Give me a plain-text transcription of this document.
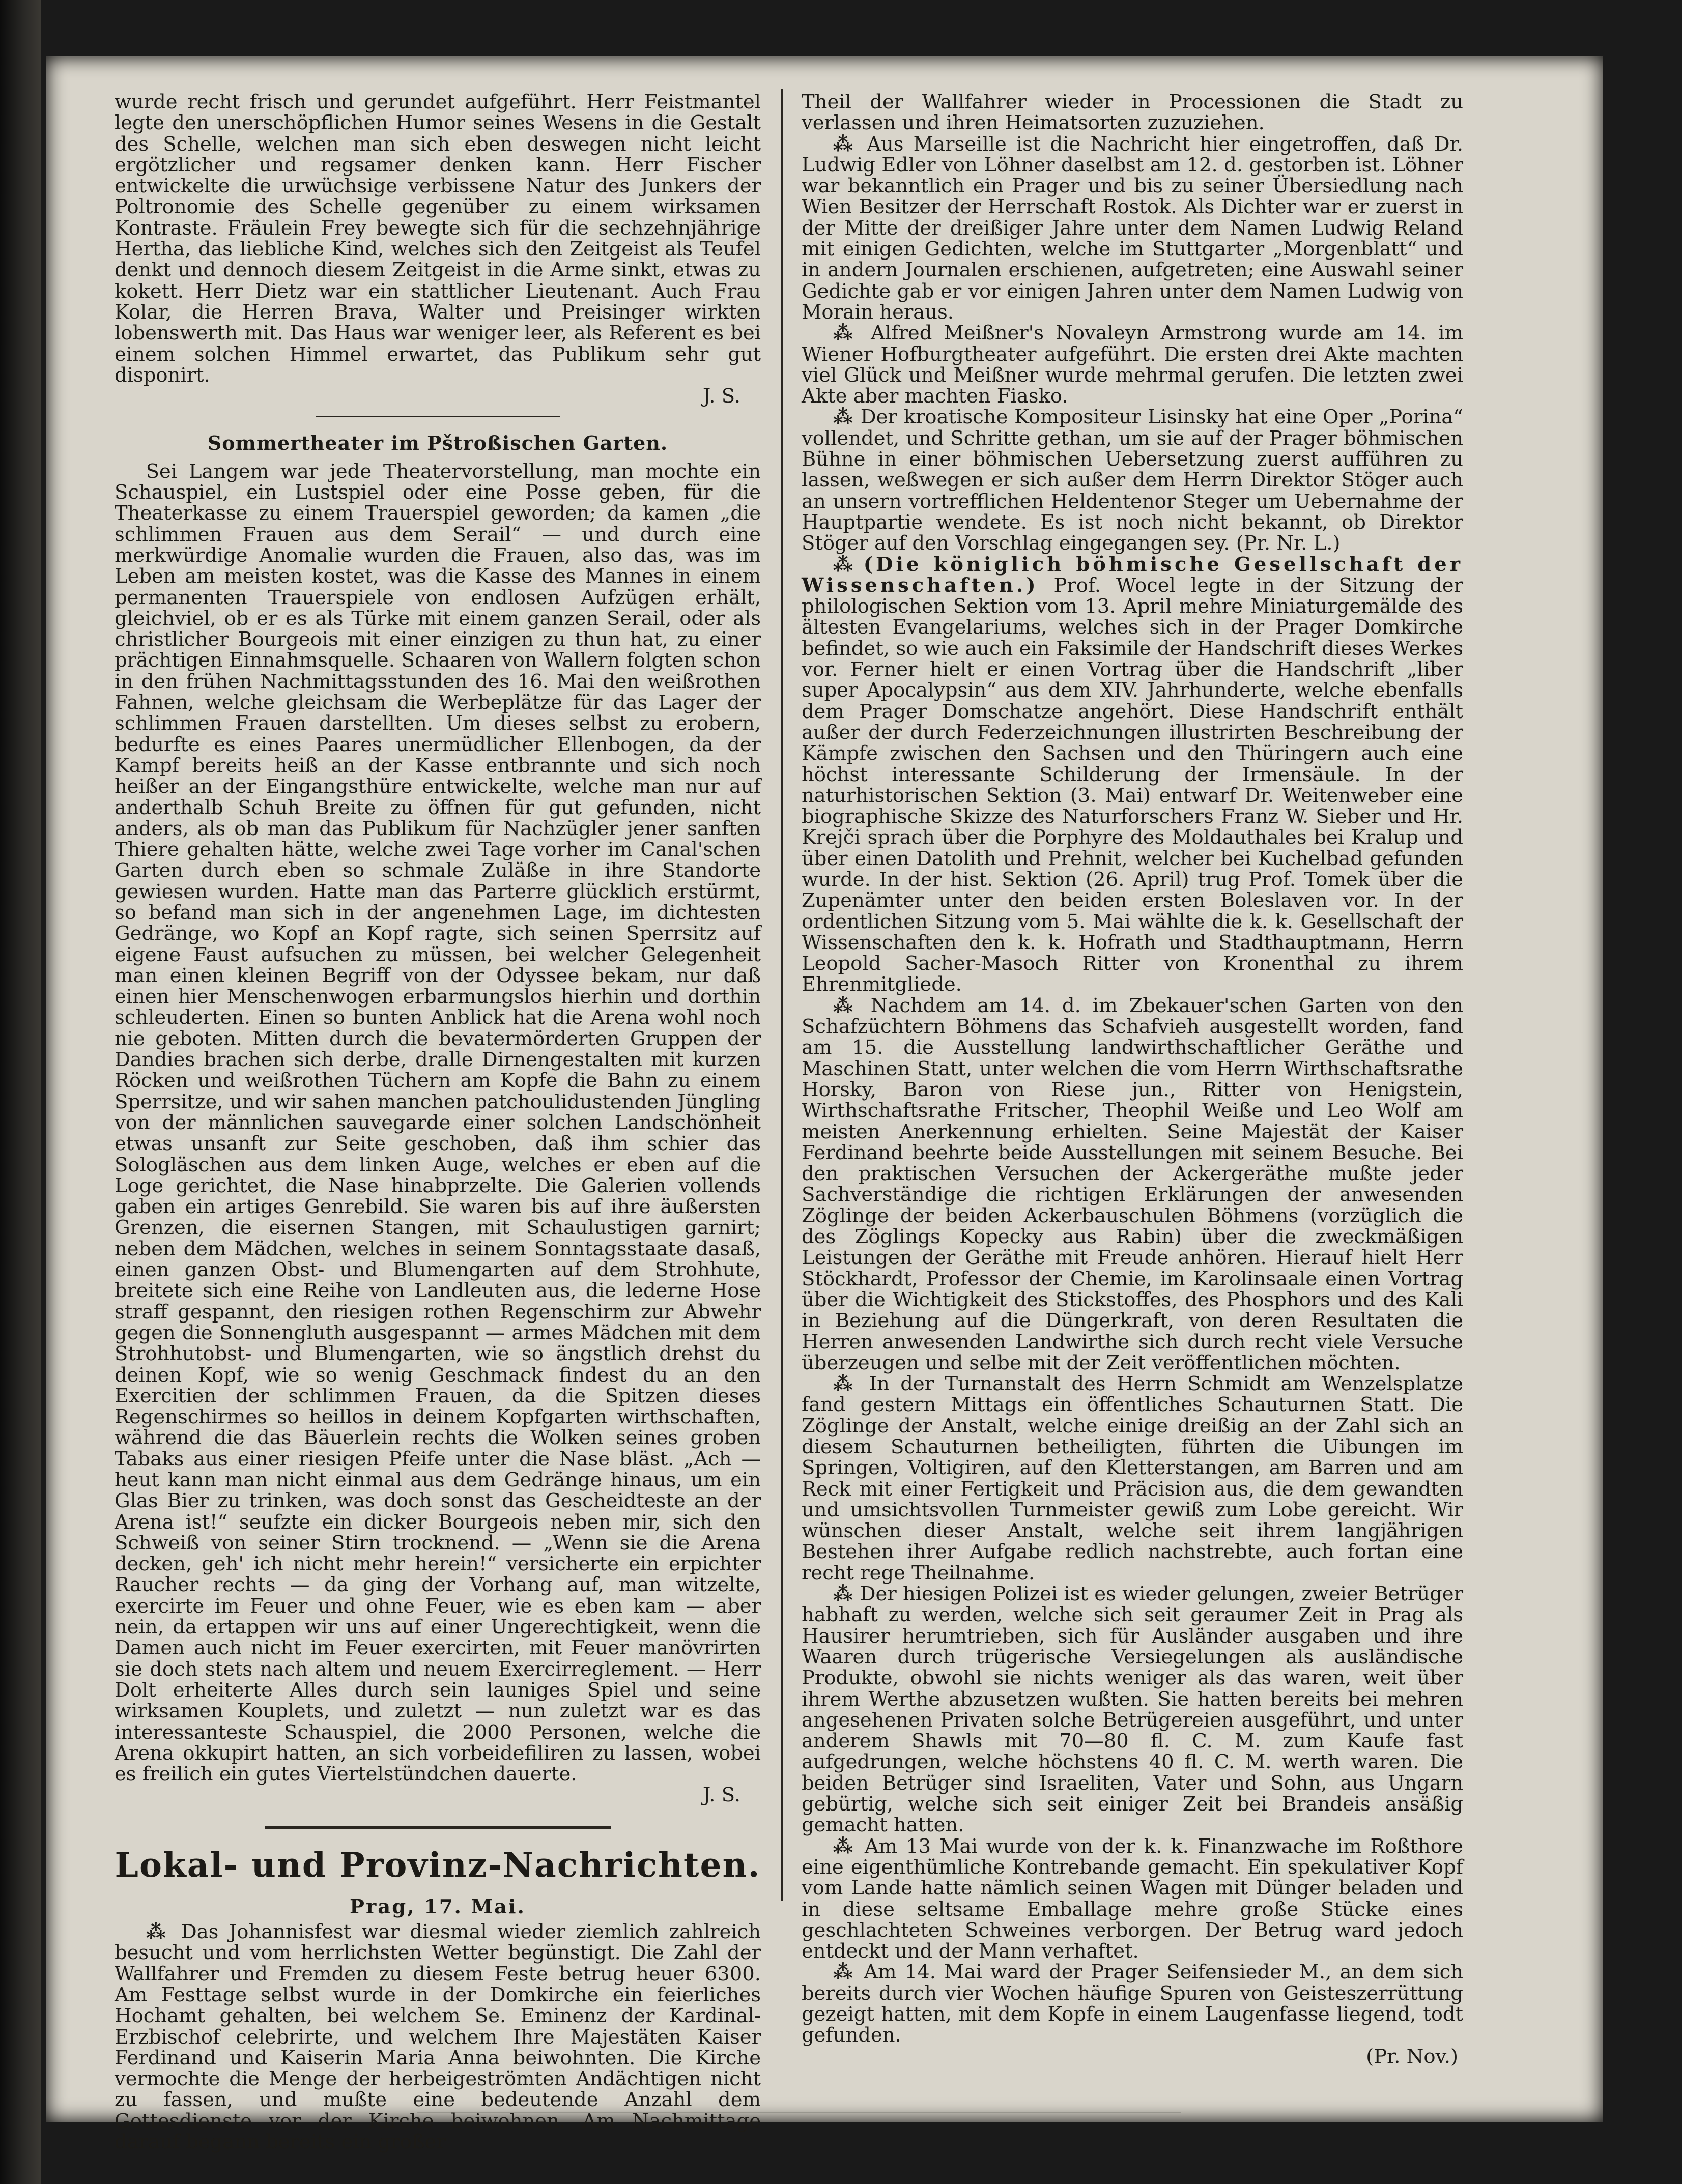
wurde recht frisch und gerundet aufgeführt. Herr Feistmantel legte den unerschöpflichen Humor seines Wesens in die Gestalt des Schelle, welchen man sich eben deswegen nicht leicht ergötzlicher und regsamer denken kann. Herr Fischer entwickelte die urwüchsige verbissene Natur des Junkers der Poltronomie des Schelle gegenüber zu einem wirksamen Kontraste. Fräulein Frey bewegte sich für die sechzehnjährige Hertha, das liebliche Kind, welches sich den Zeitgeist als Teufel denkt und dennoch diesem Zeitgeist in die Arme sinkt, etwas zu kokett. Herr Dietz war ein stattlicher Lieutenant. Auch Frau Kolar, die Herren Brava, Walter und Preisinger wirkten lobenswerth mit. Das Haus war weniger leer, als Referent es bei einem solchen Himmel erwartet, das Publikum sehr gut disponirt.

J. S.
Sommertheater im Pštroßischen Garten.

Sei Langem war jede Theatervorstellung, man mochte ein Schauspiel, ein Lustspiel oder eine Posse geben, für die Theaterkasse zu einem Trauerspiel geworden; da kamen „die schlimmen Frauen aus dem Serail“ — und durch eine merkwürdige Anomalie wurden die Frauen, also das, was im Leben am meisten kostet, was die Kasse des Mannes in einem permanenten Trauerspiele von endlosen Aufzügen erhält, gleichviel, ob er es als Türke mit einem ganzen Serail, oder als christlicher Bourgeois mit einer einzigen zu thun hat, zu einer prächtigen Einnahmsquelle. Schaaren von Wallern folgten schon in den frühen Nachmittagsstunden des 16. Mai den weißrothen Fahnen, welche gleichsam die Werbeplätze für das Lager der schlimmen Frauen darstellten. Um dieses selbst zu erobern, bedurfte es eines Paares unermüdlicher Ellenbogen, da der Kampf bereits heiß an der Kasse entbrannte und sich noch heißer an der Eingangsthüre entwickelte, welche man nur auf anderthalb Schuh Breite zu öffnen für gut gefunden, nicht anders, als ob man das Publikum für Nachzügler jener sanften Thiere gehalten hätte, welche zwei Tage vorher im Canal'schen Garten durch eben so schmale Zuläße in ihre Standorte gewiesen wurden. Hatte man das Parterre glücklich erstürmt, so befand man sich in der angenehmen Lage, im dichtesten Gedränge, wo Kopf an Kopf ragte, sich seinen Sperrsitz auf eigene Faust aufsuchen zu müssen, bei welcher Gelegenheit man einen kleinen Begriff von der Odyssee bekam, nur daß einen hier Menschenwogen erbarmungslos hierhin und dorthin schleuderten. Einen so bunten Anblick hat die Arena wohl noch nie geboten. Mitten durch die bevatermörderten Gruppen der Dandies brachen sich derbe, dralle Dirnengestalten mit kurzen Röcken und weißrothen Tüchern am Kopfe die Bahn zu einem Sperrsitze, und wir sahen manchen patchoulidustenden Jüngling von der männlichen sauvegarde einer solchen Landschönheit etwas unsanft zur Seite geschoben, daß ihm schier das Sologläschen aus dem linken Auge, welches er eben auf die Loge gerichtet, die Nase hinabprzelte. Die Galerien vollends gaben ein artiges Genrebild. Sie waren bis auf ihre äußersten Grenzen, die eisernen Stangen, mit Schaulustigen garnirt; neben dem Mädchen, welches in seinem Sonntagsstaate dasaß, einen ganzen Obst- und Blumengarten auf dem Strohhute, breitete sich eine Reihe von Landleuten aus, die lederne Hose straff gespannt, den riesigen rothen Regenschirm zur Abwehr gegen die Sonnengluth ausgespannt — armes Mädchen mit dem Strohhutobst- und Blumengarten, wie so ängstlich drehst du deinen Kopf, wie so wenig Geschmack findest du an den Exercitien der schlimmen Frauen, da die Spitzen dieses Regenschirmes so heillos in deinem Kopfgarten wirthschaften, während die das Bäuerlein rechts die Wolken seines groben Tabaks aus einer riesigen Pfeife unter die Nase bläst. „Ach — heut kann man nicht einmal aus dem Gedränge hinaus, um ein Glas Bier zu trinken, was doch sonst das Gescheidteste an der Arena ist!“ seufzte ein dicker Bourgeois neben mir, sich den Schweiß von seiner Stirn trocknend. — „Wenn sie die Arena decken, geh' ich nicht mehr herein!“ versicherte ein erpichter Raucher rechts — da ging der Vorhang auf, man witzelte, exercirte im Feuer und ohne Feuer, wie es eben kam — aber nein, da ertappen wir uns auf einer Ungerechtigkeit, wenn die Damen auch nicht im Feuer exercirten, mit Feuer manövrirten sie doch stets nach altem und neuem Exercirreglement. — Herr Dolt erheiterte Alles durch sein launiges Spiel und seine wirksamen Kouplets, und zuletzt — nun zuletzt war es das interessanteste Schauspiel, die 2000 Personen, welche die Arena okkupirt hatten, an sich vorbeidefiliren zu lassen, wobei es freilich ein gutes Viertelstündchen dauerte.

J. S.
Lokal- und Provinz-Nachrichten.
Prag, 17. Mai.

⁂ Das Johannisfest war diesmal wieder ziemlich zahlreich besucht und vom herrlichsten Wetter begünstigt. Die Zahl der Wallfahrer und Fremden zu diesem Feste betrug heuer 6300. Am Festtage selbst wurde in der Domkirche ein feierliches Hochamt gehalten, bei welchem Se. Eminenz der Kardinal-Erzbischof celebrirte, und welchem Ihre Majestäten Kaiser Ferdinand und Kaiserin Maria Anna beiwohnten. Die Kirche vermochte die Menge der herbeigeströmten Andächtigen nicht zu fassen, und mußte eine bedeutende Anzahl dem Gottesdienste vor der Kirche beiwohnen. Am Nachmittage darauf begann bereits ein großer

Theil der Wallfahrer wieder in Processionen die Stadt zu verlassen und ihren Heimatsorten zuzuziehen.

⁂ Aus Marseille ist die Nachricht hier eingetroffen, daß Dr. Ludwig Edler von Löhner daselbst am 12. d. gestorben ist. Löhner war bekanntlich ein Prager und bis zu seiner Übersiedlung nach Wien Besitzer der Herrschaft Rostok. Als Dichter war er zuerst in der Mitte der dreißiger Jahre unter dem Namen Ludwig Reland mit einigen Gedichten, welche im Stuttgarter „Morgenblatt“ und in andern Journalen erschienen, aufgetreten; eine Auswahl seiner Gedichte gab er vor einigen Jahren unter dem Namen Ludwig von Morain heraus.

⁂ Alfred Meißner's Novaleyn Armstrong wurde am 14. im Wiener Hofburgtheater aufgeführt. Die ersten drei Akte machten viel Glück und Meißner wurde mehrmal gerufen. Die letzten zwei Akte aber machten Fiasko.

⁂ Der kroatische Kompositeur Lisinsky hat eine Oper „Porina“ vollendet, und Schritte gethan, um sie auf der Prager böhmischen Bühne in einer böhmischen Uebersetzung zuerst aufführen zu lassen, weßwegen er sich außer dem Herrn Direktor Stöger auch an unsern vortrefflichen Heldentenor Steger um Uebernahme der Hauptpartie wendete. Es ist noch nicht bekannt, ob Direktor Stöger auf den Vorschlag eingegangen sey. (Pr. Nr. L.)

⁂ (Die königlich böhmische Gesellschaft der Wissenschaften.) Prof. Wocel legte in der Sitzung der philologischen Sektion vom 13. April mehre Miniaturgemälde des ältesten Evangelariums, welches sich in der Prager Domkirche befindet, so wie auch ein Faksimile der Handschrift dieses Werkes vor. Ferner hielt er einen Vortrag über die Handschrift „liber super Apocalypsin“ aus dem XIV. Jahrhunderte, welche ebenfalls dem Prager Domschatze angehört. Diese Handschrift enthält außer der durch Federzeichnungen illustrirten Beschreibung der Kämpfe zwischen den Sachsen und den Thüringern auch eine höchst interessante Schilderung der Irmensäule. In der naturhistorischen Sektion (3. Mai) entwarf Dr. Weitenweber eine biographische Skizze des Naturforschers Franz W. Sieber und Hr. Krejči sprach über die Porphyre des Moldauthales bei Kralup und über einen Datolith und Prehnit, welcher bei Kuchelbad gefunden wurde. In der hist. Sektion (26. April) trug Prof. Tomek über die Zupenämter unter den beiden ersten Boleslaven vor. In der ordentlichen Sitzung vom 5. Mai wählte die k. k. Gesellschaft der Wissenschaften den k. k. Hofrath und Stadthauptmann, Herrn Leopold Sacher-Masoch Ritter von Kronenthal zu ihrem Ehrenmitgliede.

⁂ Nachdem am 14. d. im Zbekauer'schen Garten von den Schafzüchtern Böhmens das Schafvieh ausgestellt worden, fand am 15. die Ausstellung landwirthschaftlicher Geräthe und Maschinen Statt, unter welchen die vom Herrn Wirthschaftsrathe Horsky, Baron von Riese jun., Ritter von Henigstein, Wirthschaftsrathe Fritscher, Theophil Weiße und Leo Wolf am meisten Anerkennung erhielten. Seine Majestät der Kaiser Ferdinand beehrte beide Ausstellungen mit seinem Besuche. Bei den praktischen Versuchen der Ackergeräthe mußte jeder Sachverständige die richtigen Erklärungen der anwesenden Zöglinge der beiden Ackerbauschulen Böhmens (vorzüglich die des Zöglings Kopecky aus Rabin) über die zweckmäßigen Leistungen der Geräthe mit Freude anhören. Hierauf hielt Herr Stöckhardt, Professor der Chemie, im Karolinsaale einen Vortrag über die Wichtigkeit des Stickstoffes, des Phosphors und des Kali in Beziehung auf die Düngerkraft, von deren Resultaten die Herren anwesenden Landwirthe sich durch recht viele Versuche überzeugen und selbe mit der Zeit veröffentlichen möchten.

⁂ In der Turnanstalt des Herrn Schmidt am Wenzelsplatze fand gestern Mittags ein öffentliches Schauturnen Statt. Die Zöglinge der Anstalt, welche einige dreißig an der Zahl sich an diesem Schauturnen betheiligten, führten die Uibungen im Springen, Voltigiren, auf den Kletterstangen, am Barren und am Reck mit einer Fertigkeit und Präcision aus, die dem gewandten und umsichtsvollen Turnmeister gewiß zum Lobe gereicht. Wir wünschen dieser Anstalt, welche seit ihrem langjährigen Bestehen ihrer Aufgabe redlich nachstrebte, auch fortan eine recht rege Theilnahme.

⁂ Der hiesigen Polizei ist es wieder gelungen, zweier Betrüger habhaft zu werden, welche sich seit geraumer Zeit in Prag als Hausirer herumtrieben, sich für Ausländer ausgaben und ihre Waaren durch trügerische Versiegelungen als ausländische Produkte, obwohl sie nichts weniger als das waren, weit über ihrem Werthe abzusetzen wußten. Sie hatten bereits bei mehren angesehenen Privaten solche Betrügereien ausgeführt, und unter anderem Shawls mit 70—80 fl. C. M. zum Kaufe fast aufgedrungen, welche höchstens 40 fl. C. M. werth waren. Die beiden Betrüger sind Israeliten, Vater und Sohn, aus Ungarn gebürtig, welche sich seit einiger Zeit bei Brandeis ansäßig gemacht hatten.

⁂ Am 13 Mai wurde von der k. k. Finanzwache im Roßthore eine eigenthümliche Kontrebande gemacht. Ein spekulativer Kopf vom Lande hatte nämlich seinen Wagen mit Dünger beladen und in diese seltsame Emballage mehre große Stücke eines geschlachteten Schweines verborgen. Der Betrug ward jedoch entdeckt und der Mann verhaftet.

⁂ Am 14. Mai ward der Prager Seifensieder M., an dem sich bereits durch vier Wochen häufige Spuren von Geisteszerrüttung gezeigt hatten, mit dem Kopfe in einem Laugenfasse liegend, todt gefunden.

(Pr. Nov.)
